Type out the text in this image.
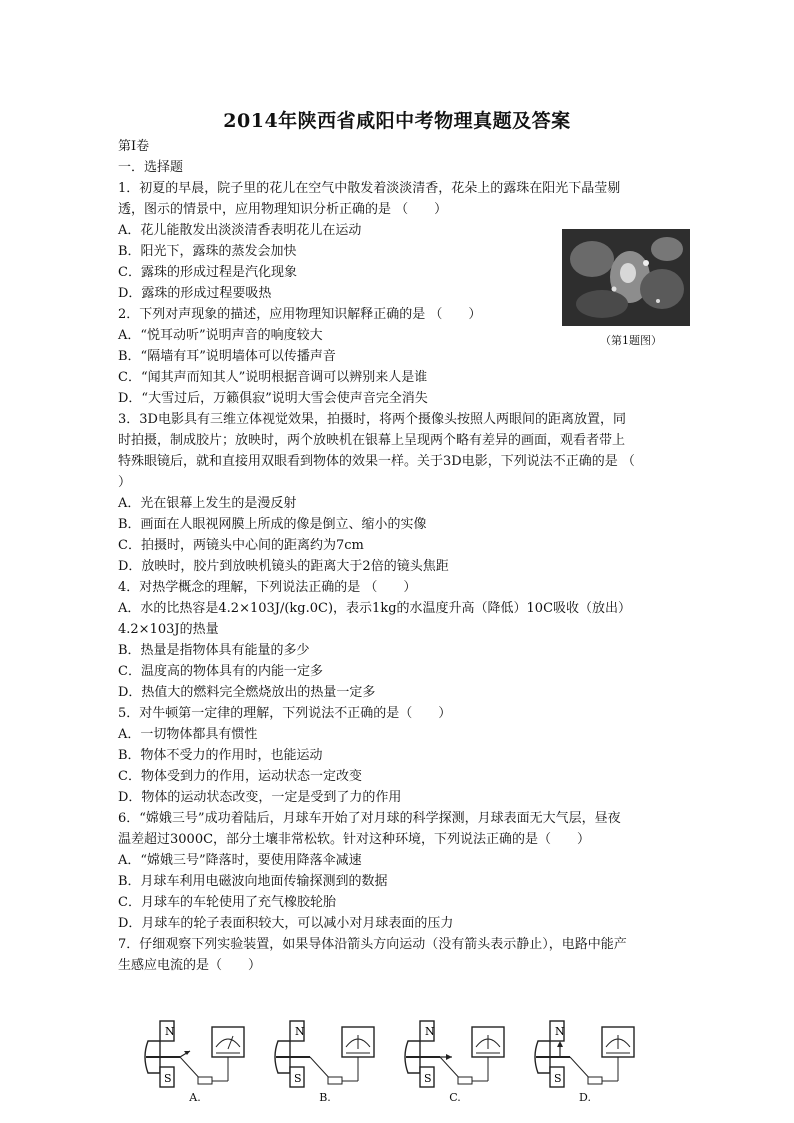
2014年陕西省咸阳中考物理真题及答案
第Ⅰ卷
一．选择题
1．初夏的早晨，院子里的花儿在空气中散发着淡淡清香，花朵上的露珠在阳光下晶莹剔
透，图示的情景中，应用物理知识分析正确的是 （　　）
A．花儿能散发出淡淡清香表明花儿在运动
B．阳光下，露珠的蒸发会加快
C．露珠的形成过程是汽化现象
D．露珠的形成过程要吸热
2．下列对声现象的描述，应用物理知识解释正确的是 （　　）
A．“悦耳动听”说明声音的响度较大
B．“隔墙有耳”说明墙体可以传播声音
C．“闻其声而知其人”说明根据音调可以辨别来人是谁
D．“大雪过后，万籁俱寂”说明大雪会使声音完全消失
3．3D电影具有三维立体视觉效果，拍摄时，将两个摄像头按照人两眼间的距离放置，同
时拍摄，制成胶片；放映时，两个放映机在银幕上呈现两个略有差异的画面，观看者带上
特殊眼镜后，就和直接用双眼看到物体的效果一样。关于3D电影，下列说法不正确的是 （
）
A．光在银幕上发生的是漫反射
B．画面在人眼视网膜上所成的像是倒立、缩小的实像
C．拍摄时，两镜头中心间的距离约为7cm
D．放映时，胶片到放映机镜头的距离大于2倍的镜头焦距
4．对热学概念的理解，下列说法正确的是 （　　）
A．水的比热容是4.2×103J/(kg.0C)，表示1kg的水温度升高（降低）10C吸收（放出）
4.2×103J的热量
B．热量是指物体具有能量的多少
C．温度高的物体具有的内能一定多
D．热值大的燃料完全燃烧放出的热量一定多
5．对牛顿第一定律的理解，下列说法不正确的是（　　）
A．一切物体都具有惯性
B．物体不受力的作用时，也能运动
C．物体受到力的作用，运动状态一定改变
D．物体的运动状态改变，一定是受到了力的作用
6．“嫦娥三号”成功着陆后，月球车开始了对月球的科学探测，月球表面无大气层，昼夜
温差超过3000C，部分土壤非常松软。针对这种环境，下列说法正确的是（　　）
A．“嫦娥三号”降落时，要使用降落伞减速
B．月球车利用电磁波向地面传输探测到的数据
C．月球车的车轮使用了充气橡胶轮胎
D．月球车的轮子表面积较大，可以减小对月球表面的压力
7．仔细观察下列实验装置，如果导体沿箭头方向运动（没有箭头表示静止），电路中能产
生感应电流的是（　　）
（第1题图）
N
S
A.
N
S
B.
N
S
C.
N
S
D.
